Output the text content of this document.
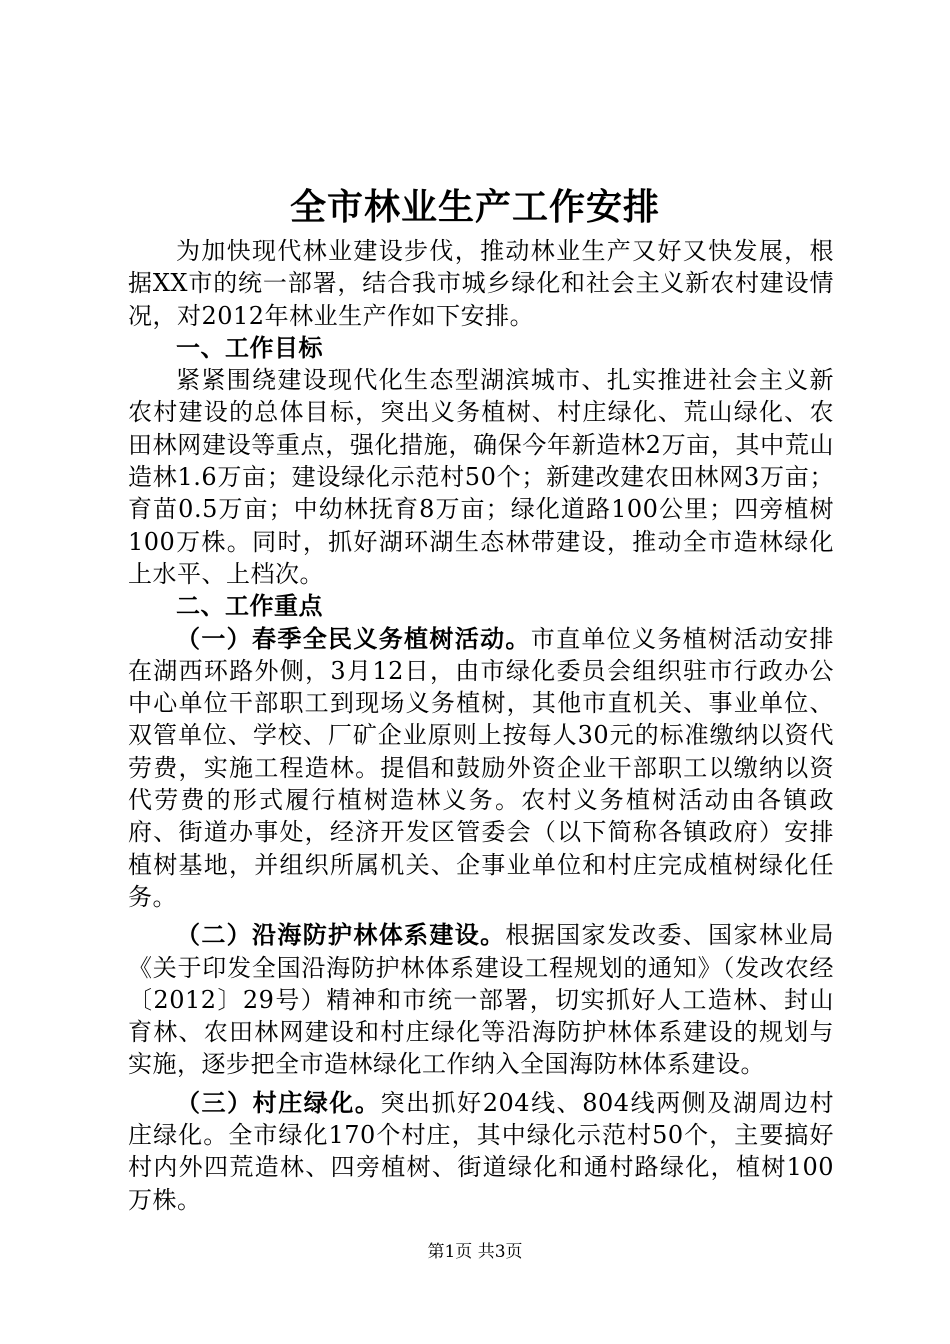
全市林业生产工作安排

为加快现代林业建设步伐，推动林业生产又好又快发展，根据XX市的统一部署，结合我市城乡绿化和社会主义新农村建设情况，对2012年林业生产作如下安排。

一、工作目标

紧紧围绕建设现代化生态型湖滨城市、扎实推进社会主义新农村建设的总体目标，突出义务植树、村庄绿化、荒山绿化、农田林网建设等重点，强化措施，确保今年新造林2万亩，其中荒山造林1.6万亩；建设绿化示范村50个；新建改建农田林网3万亩；育苗0.5万亩；中幼林抚育8万亩；绿化道路100公里；四旁植树100万株。同时，抓好湖环湖生态林带建设，推动全市造林绿化上水平、上档次。

二、工作重点

（一）春季全民义务植树活动。市直单位义务植树活动安排在湖西环路外侧，3月12日，由市绿化委员会组织驻市行政办公中心单位干部职工到现场义务植树，其他市直机关、事业单位、双管单位、学校、厂矿企业原则上按每人30元的标准缴纳以资代劳费，实施工程造林。提倡和鼓励外资企业干部职工以缴纳以资代劳费的形式履行植树造林义务。农村义务植树活动由各镇政府、街道办事处，经济开发区管委会（以下简称各镇政府）安排植树基地，并组织所属机关、企事业单位和村庄完成植树绿化任务。

（二）沿海防护林体系建设。根据国家发改委、国家林业局《关于印发全国沿海防护林体系建设工程规划的通知》（发改农经〔2012〕29号）精神和市统一部署，切实抓好人工造林、封山育林、农田林网建设和村庄绿化等沿海防护林体系建设的规划与实施，逐步把全市造林绿化工作纳入全国海防林体系建设。

（三）村庄绿化。突出抓好204线、804线两侧及湖周边村庄绿化。全市绿化170个村庄，其中绿化示范村50个，主要搞好村内外四荒造林、四旁植树、街道绿化和通村路绿化，植树100万株。

第1页 共3页
